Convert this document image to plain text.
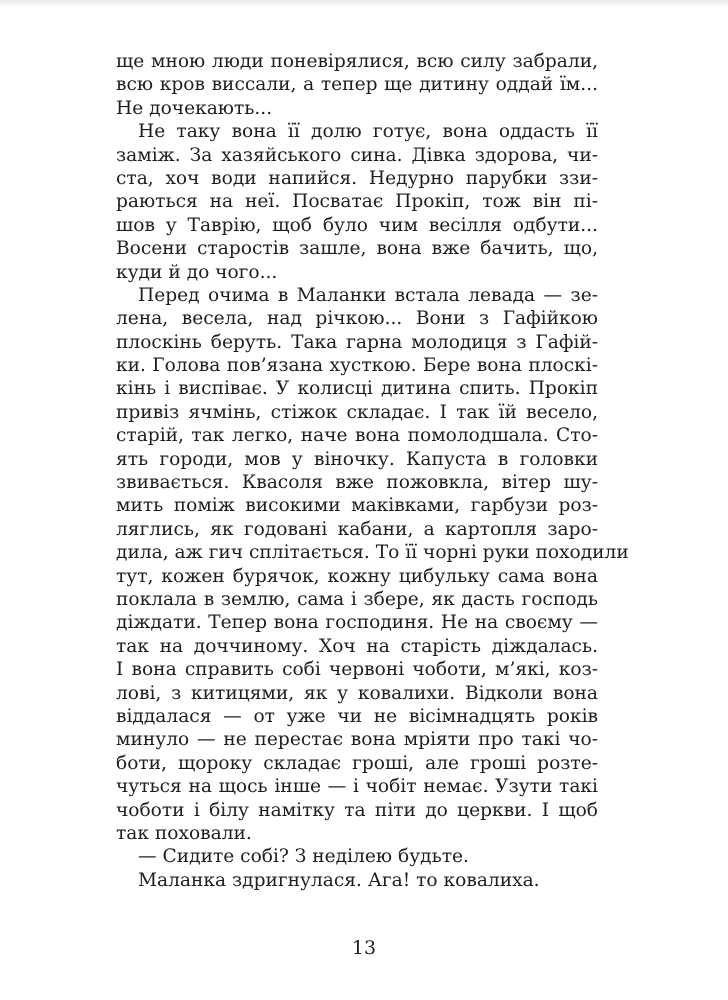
ще мною люди поневірялися, всю силу забрали,
всю кров виссали, а тепер ще дитину оддай їм...
Не дочекають...
Не таку вона її долю готує, вона оддасть її
заміж. За хазяйського сина. Дівка здорова, чи-
ста, хоч води напийся. Недурно парубки ззи-
раються на неї. Посватає Прокіп, тож він пі-
шов у Таврію, щоб було чим весілля одбути...
Восени старостів зашле, вона вже бачить, що,
куди й до чого...
Перед очима в Маланки встала левада — зе-
лена, весела, над річкою... Вони з Гафійкою
плоскінь беруть. Така гарна молодиця з Гафій-
ки. Голова пов’язана хусткою. Бере вона плоскі-
кінь і виспіває. У колисці дитина спить. Прокіп
привіз ячмінь, стіжок складає. І так їй весело,
старій, так легко, наче вона помолодшала. Сто-
ять городи, мов у віночку. Капуста в головки
звивається. Квасоля вже пожовкла, вітер шу-
мить поміж високими маківками, гарбузи роз-
ляглись, як годовані кабани, а картопля заро-
дила, аж гич сплітається. То її чорні руки походили
тут, кожен бурячок, кожну цибульку сама вона
поклала в землю, сама і збере, як дасть господь
діждати. Тепер вона господиня. Не на своєму —
так на доччиному. Хоч на старість діждалась.
І вона справить собі червоні чоботи, м’які, коз-
лові, з китицями, як у ковалихи. Відколи вона
віддалася — от уже чи не вісімнадцять років
минуло — не перестає вона мріяти про такі чо-
боти, щороку складає гроші, але гроші розте-
чуться на щось інше — і чобіт немає. Узути такі
чоботи і білу намітку та піти до церкви. І щоб
так поховали.
— Сидите собі? З неділею будьте.
Маланка здригнулася. Ага! то ковалиха.
13
